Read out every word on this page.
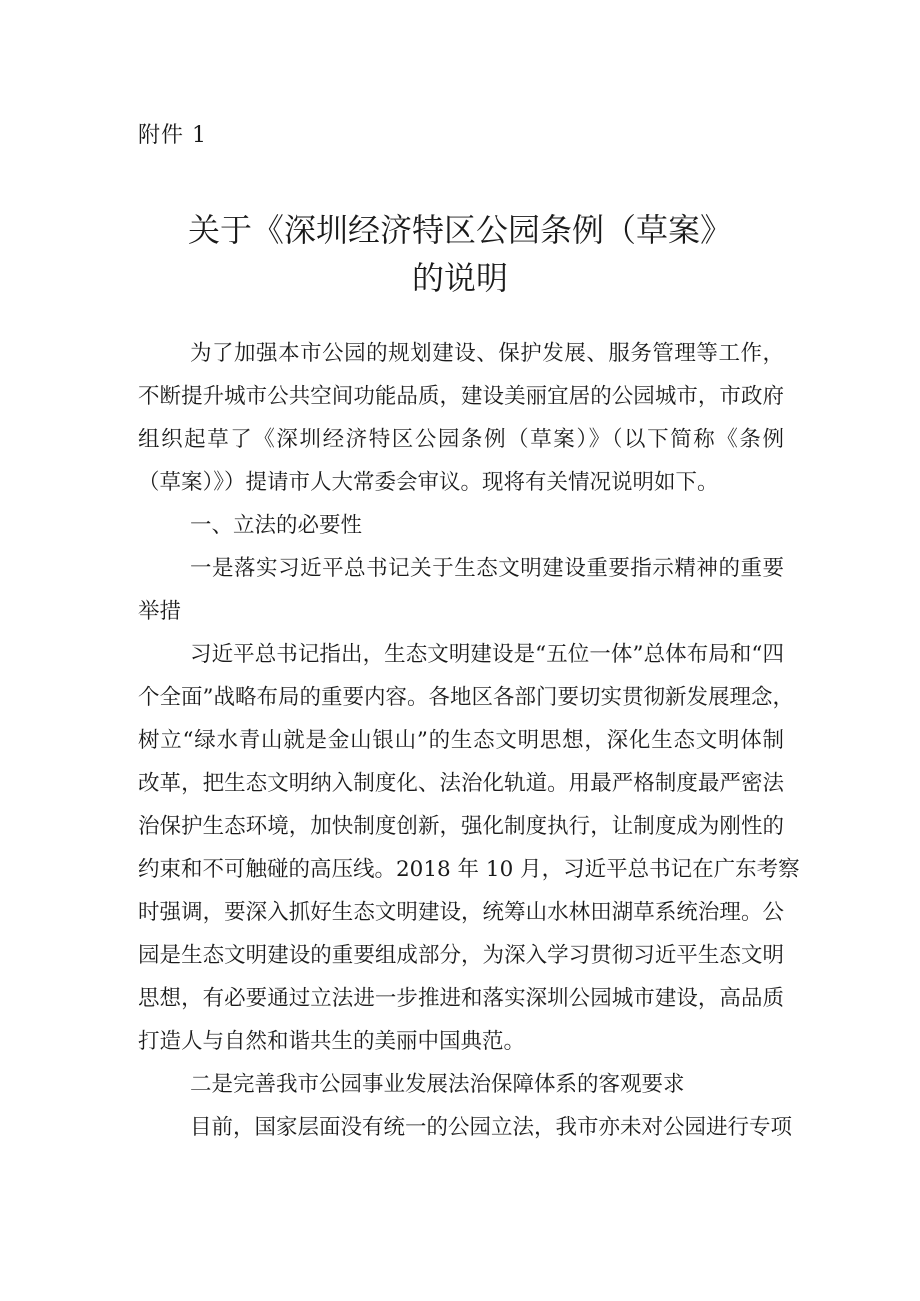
附件 1
关于《深圳经济特区公园条例（草案》
的说明
为了加强本市公园的规划建设、保护发展、服务管理等工作，
不断提升城市公共空间功能品质，建设美丽宜居的公园城市，市政府
组织起草了《深圳经济特区公园条例（草案）》（以下简称《条例
（草案）》）提请市人大常委会审议。现将有关情况说明如下。
一、立法的必要性
一是落实习近平总书记关于生态文明建设重要指示精神的重要
举措
习近平总书记指出，生态文明建设是“五位一体”总体布局和“四
个全面”战略布局的重要内容。各地区各部门要切实贯彻新发展理念，
树立“绿水青山就是金山银山”的生态文明思想，深化生态文明体制
改革，把生态文明纳入制度化、法治化轨道。用最严格制度最严密法
治保护生态环境，加快制度创新，强化制度执行，让制度成为刚性的
约束和不可触碰的高压线。2018 年 10 月，习近平总书记在广东考察
时强调，要深入抓好生态文明建设，统筹山水林田湖草系统治理。公
园是生态文明建设的重要组成部分，为深入学习贯彻习近平生态文明
思想，有必要通过立法进一步推进和落实深圳公园城市建设，高品质
打造人与自然和谐共生的美丽中国典范。
二是完善我市公园事业发展法治保障体系的客观要求
目前，国家层面没有统一的公园立法，我市亦未对公园进行专项
